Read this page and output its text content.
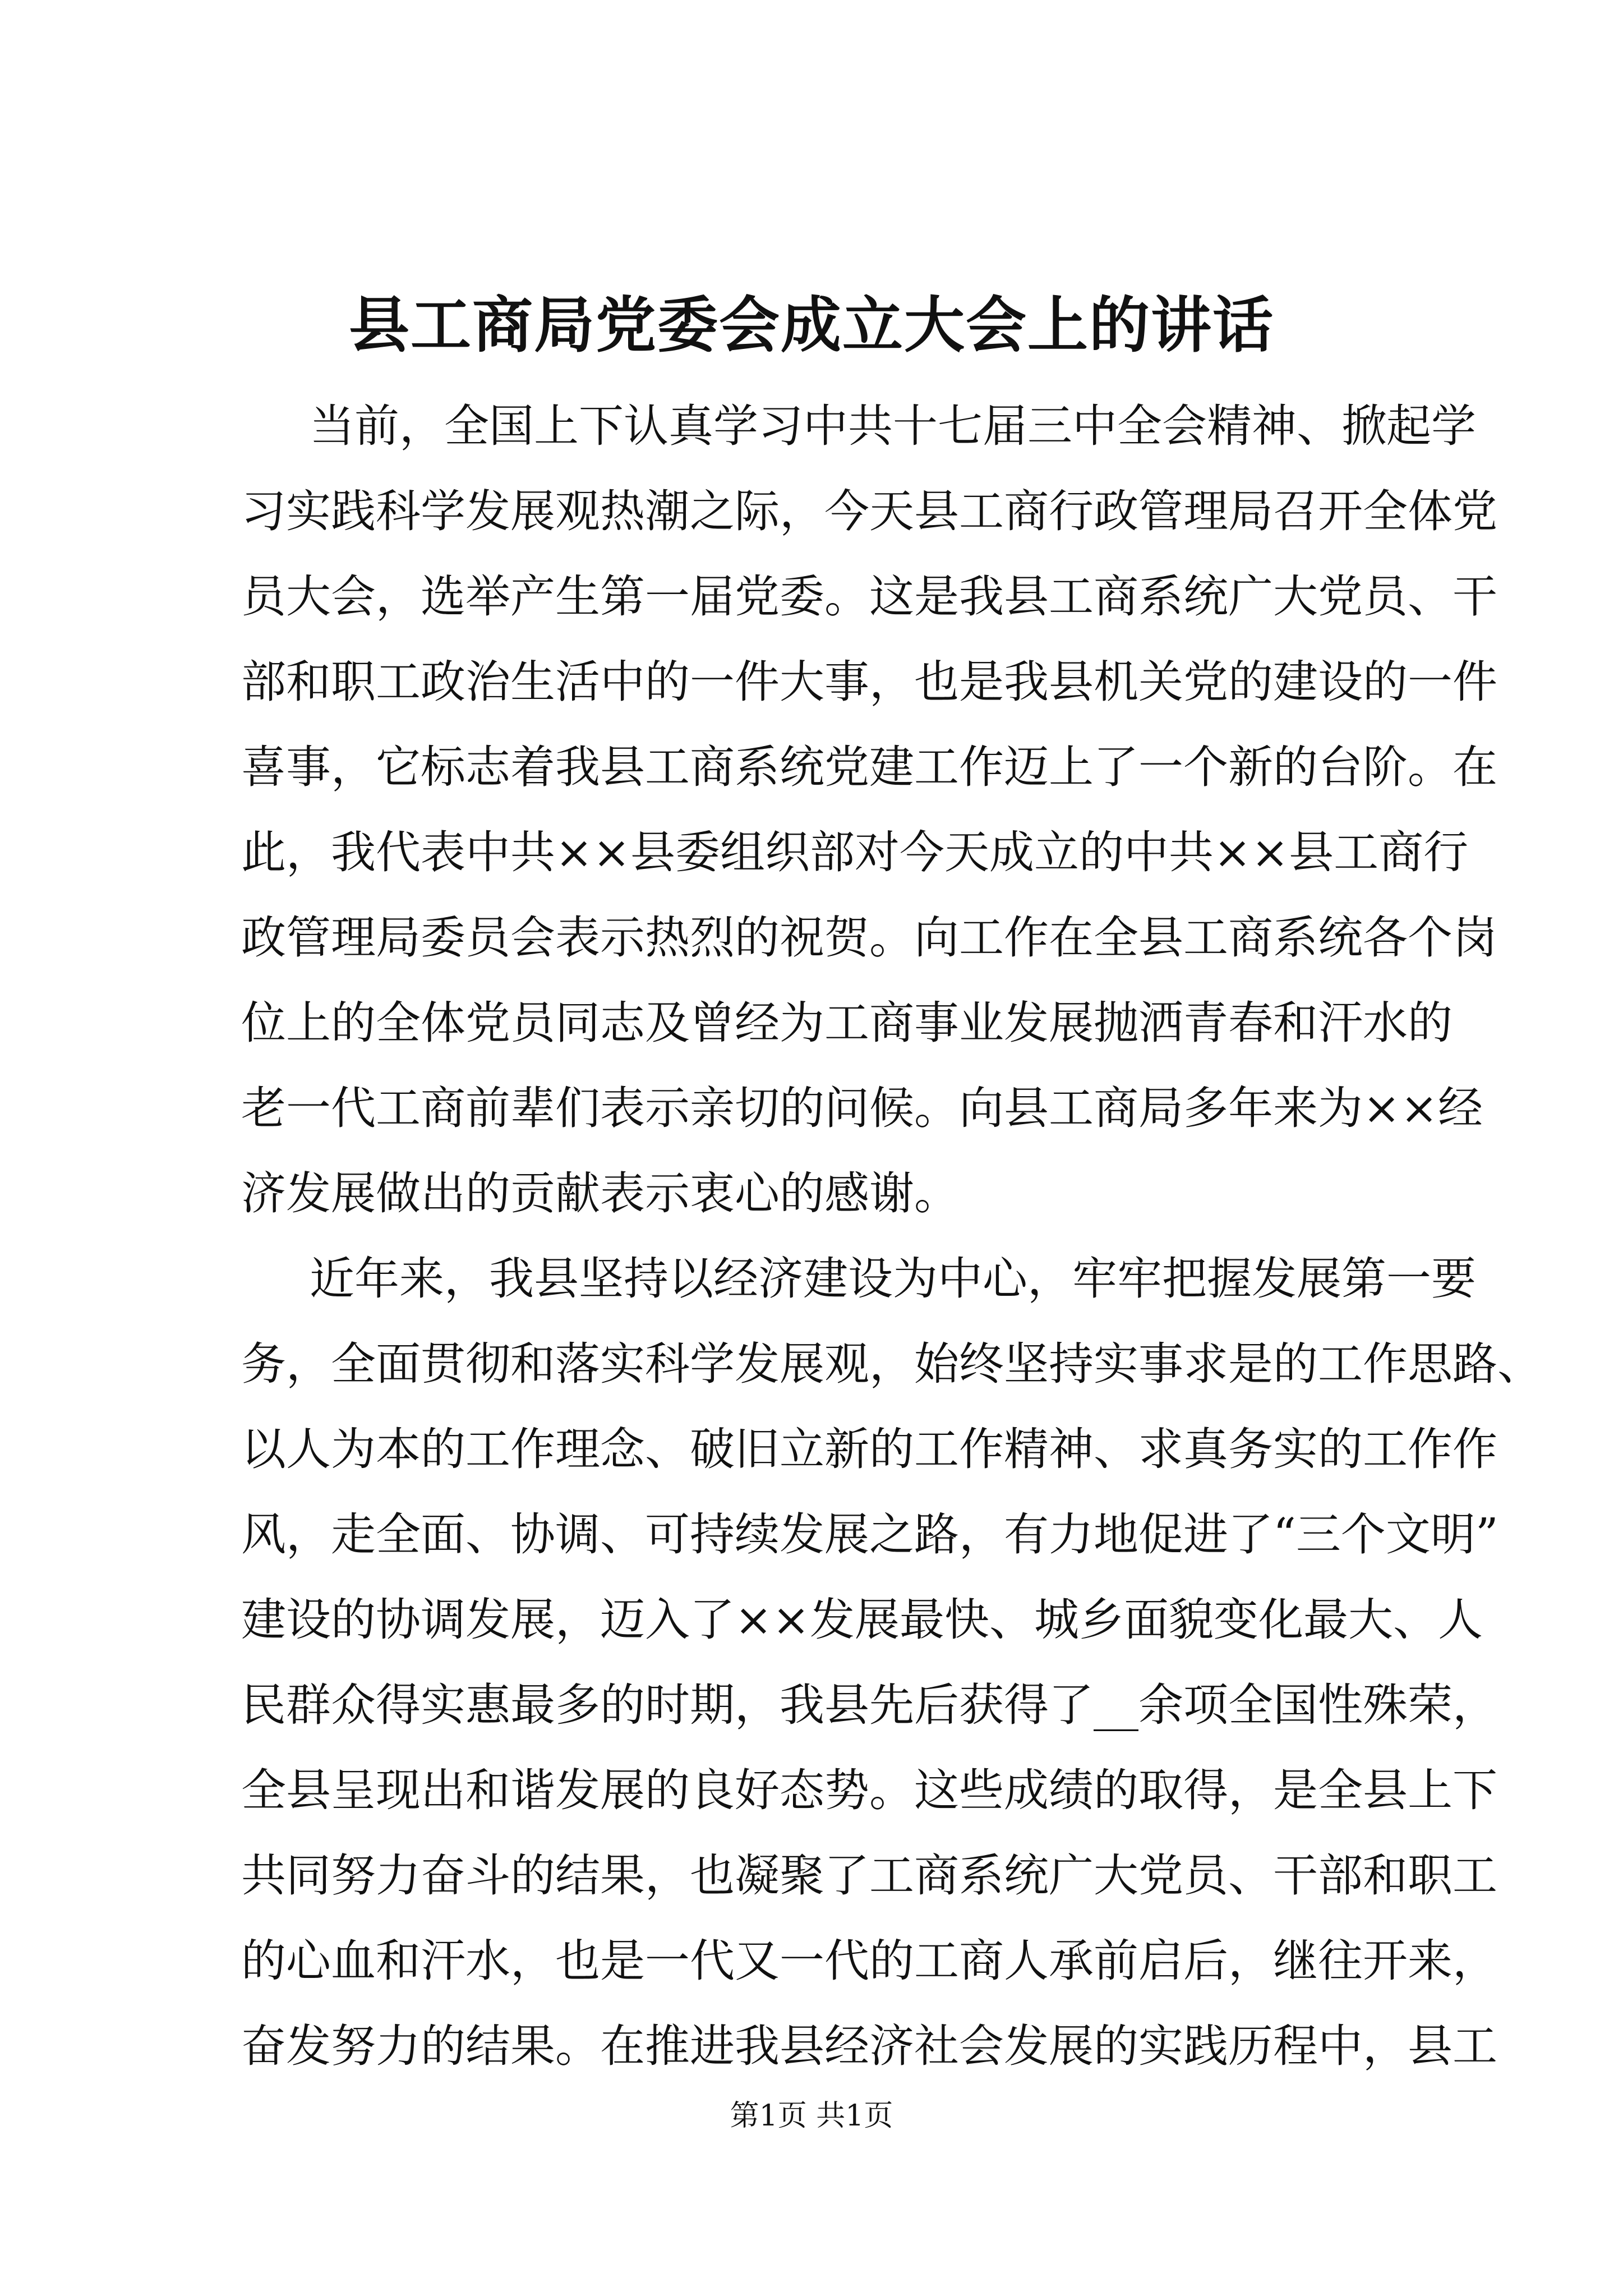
县工商局党委会成立大会上的讲话
当前，全国上下认真学习中共十七届三中全会精神、掀起学
习实践科学发展观热潮之际，今天县工商行政管理局召开全体党
员大会，选举产生第一届党委。这是我县工商系统广大党员、干
部和职工政治生活中的一件大事，也是我县机关党的建设的一件
喜事，它标志着我县工商系统党建工作迈上了一个新的台阶。在
此，我代表中共××县委组织部对今天成立的中共××县工商行
政管理局委员会表示热烈的祝贺。向工作在全县工商系统各个岗
位上的全体党员同志及曾经为工商事业发展抛洒青春和汗水的
老一代工商前辈们表示亲切的问候。向县工商局多年来为××经
济发展做出的贡献表示衷心的感谢。
近年来，我县坚持以经济建设为中心，牢牢把握发展第一要
务，全面贯彻和落实科学发展观，始终坚持实事求是的工作思路、
以人为本的工作理念、破旧立新的工作精神、求真务实的工作作
风，走全面、协调、可持续发展之路，有力地促进了“三个文明”
建设的协调发展，迈入了××发展最快、城乡面貌变化最大、人
民群众得实惠最多的时期，我县先后获得了__余项全国性殊荣，
全县呈现出和谐发展的良好态势。这些成绩的取得，是全县上下
共同努力奋斗的结果，也凝聚了工商系统广大党员、干部和职工
的心血和汗水，也是一代又一代的工商人承前启后，继往开来，
奋发努力的结果。在推进我县经济社会发展的实践历程中，县工
第1页 共1页
